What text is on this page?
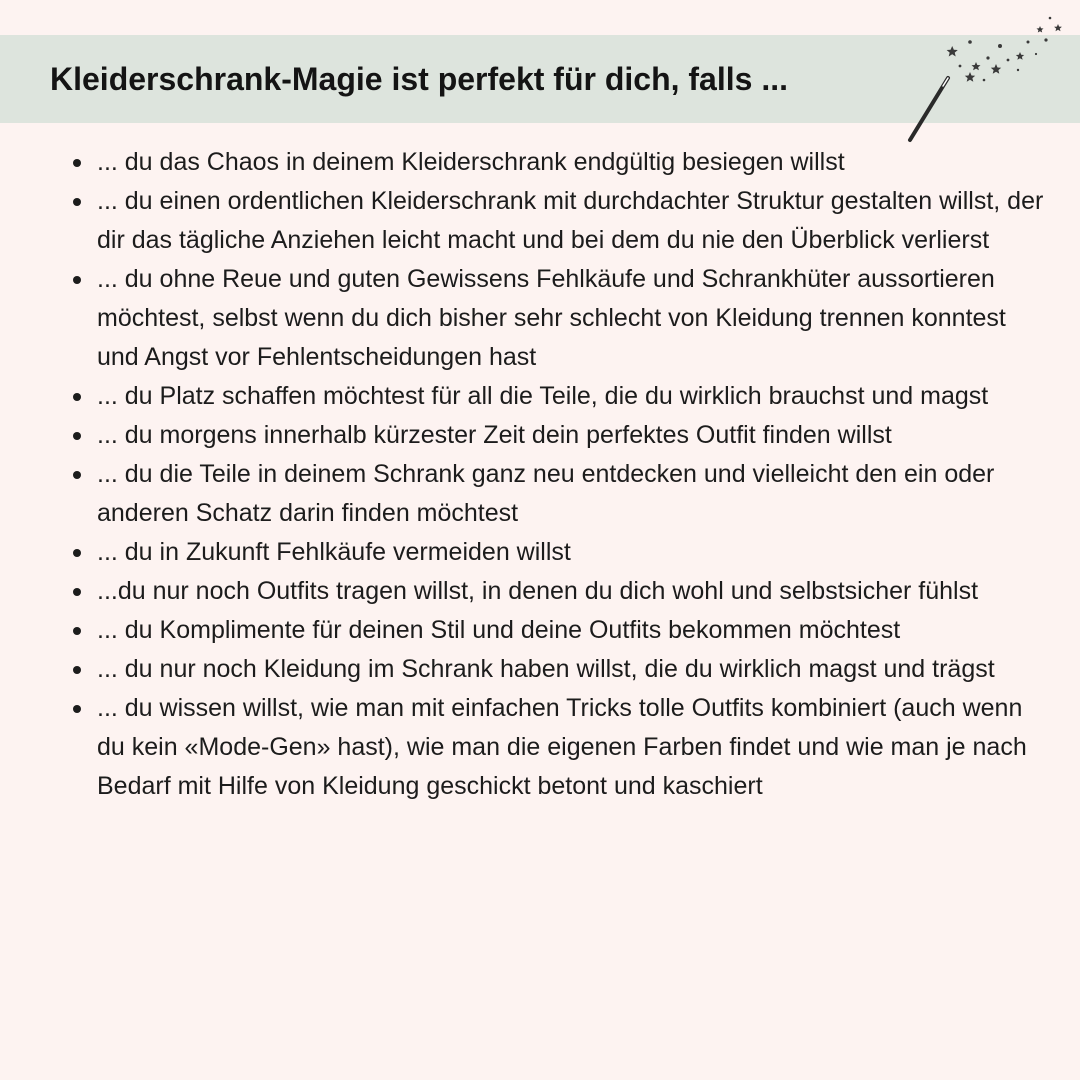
Kleiderschrank-Magie ist perfekt für dich, falls ...
... du das Chaos in deinem Kleiderschrank endgültig besiegen willst
... du einen ordentlichen Kleiderschrank mit durchdachter Struktur gestalten willst, der dir das tägliche Anziehen leicht macht und bei dem du nie den Überblick verlierst
... du ohne Reue und guten Gewissens Fehlkäufe und Schrankhüter aussortieren möchtest, selbst wenn du dich bisher sehr schlecht von Kleidung trennen konntest und Angst vor Fehlentscheidungen hast
... du Platz schaffen möchtest für all die Teile, die du wirklich brauchst und magst
... du morgens innerhalb kürzester Zeit dein perfektes Outfit finden willst
... du die Teile in deinem Schrank ganz neu entdecken und vielleicht den ein oder anderen Schatz darin finden möchtest
... du in Zukunft Fehlkäufe vermeiden willst
...du nur noch Outfits tragen willst, in denen du dich wohl und selbstsicher fühlst
... du Komplimente für deinen Stil und deine Outfits bekommen möchtest
... du nur noch Kleidung im Schrank haben willst, die du wirklich magst und trägst
... du wissen willst, wie man mit einfachen Tricks tolle Outfits kombiniert (auch wenn du kein «Mode-Gen» hast), wie man die eigenen Farben findet und wie man je nach Bedarf mit Hilfe von Kleidung geschickt betont und kaschiert
